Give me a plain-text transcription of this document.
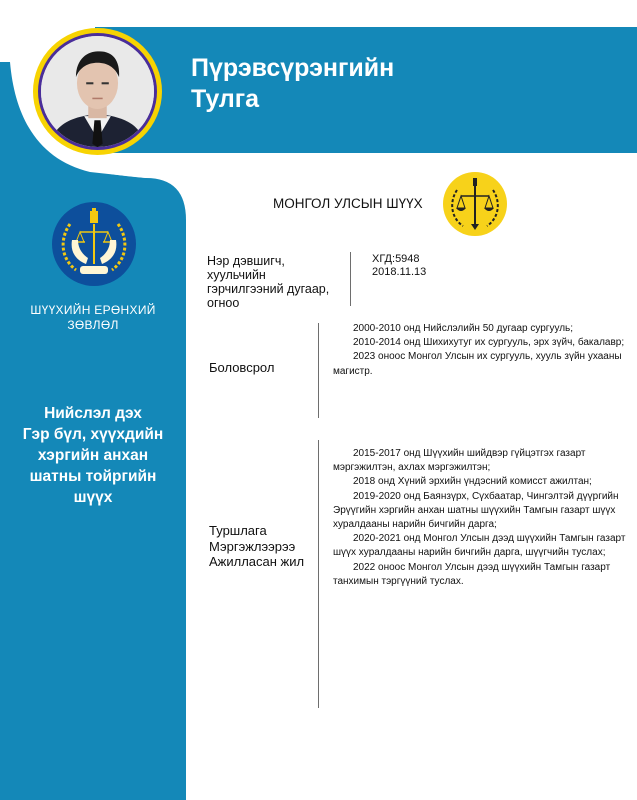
Пүрэвсүрэнгийн
Тулга
ШҮҮХИЙН ЕРӨНХИЙ
ЗӨВЛӨЛ
Нийслэл дэх
Гэр бүл, хүүхдийн
хэргийн анхан
шатны тойргийн
шүүх
МОНГОЛ УЛСЫН ШҮҮХ
Нэр дэвшигч,
хуульчийн
гэрчилгээний дугаар,
огноо
ХГД:5948
2018.11.13
Боловсрол

2000-2010 онд Нийслэлийн 50 дугаар сургууль;

2010-2014 онд Шихихутуг их сургууль, эрх зүйч, бакалавр;

2023 оноос Монгол Улсын их сургууль, хууль зүйн ухааны магистр.

Туршлага
Мэргэжлээрээ
Ажилласан жил

2015-2017 онд Шүүхийн шийдвэр гүйцэтгэх газарт мэргэжилтэн, ахлах мэргэжилтэн;

2018 онд Хүний эрхийн үндэсний комисст ажилтан;

2019-2020 онд Баянзүрх, Сүхбаатар, Чингэлтэй дүүргийн Эрүүгийн хэргийн анхан шатны шүүхийн Тамгын газарт шүүх хуралдааны нарийн бичгийн дарга;

2020-2021 онд Монгол Улсын дээд шүүхийн Тамгын газарт шүүх хуралдааны нарийн бичгийн дарга, шүүгчийн туслах;

2022 оноос Монгол Улсын дээд шүүхийн Тамгын газарт танхимын тэргүүний туслах.
